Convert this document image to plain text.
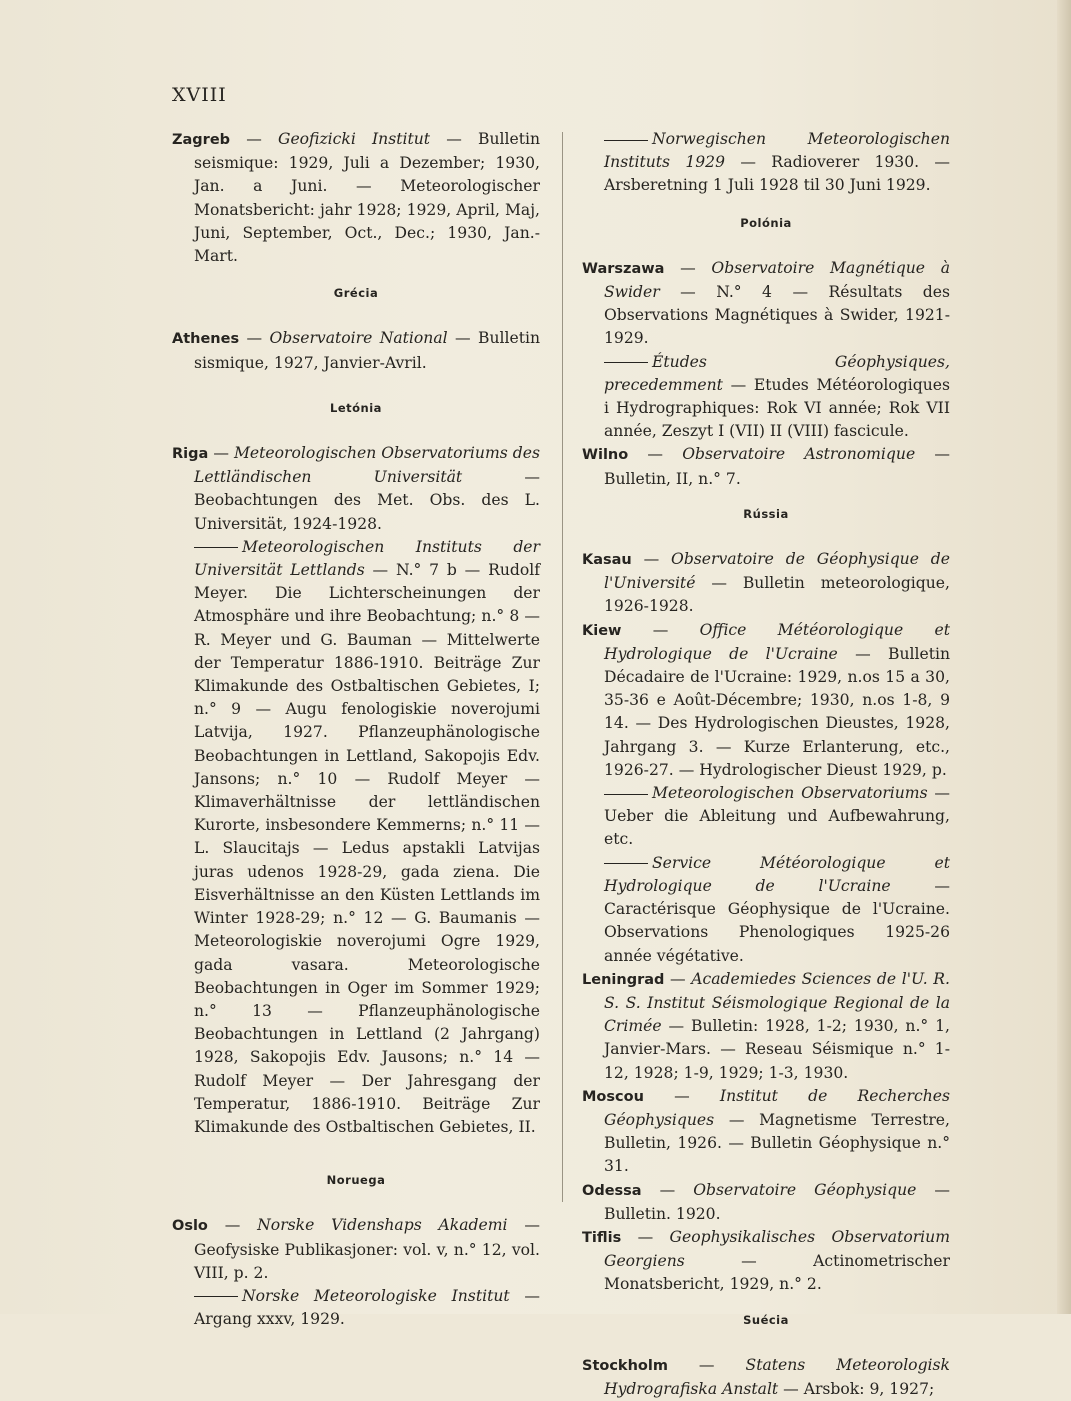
XVIII

Zagreb — Geofizicki Institut — Bulletin seismique: 1929, Juli a Dezember; 1930, Jan. a Juni. — Meteorologischer Monatsbericht: jahr 1928; 1929, April, Maj, Juni, September, Oct., Dec.; 1930, Jan.-Mart.

Grécia

Athenes — Observatoire National — Bulletin sismique, 1927, Janvier-Avril.

Letónia

Riga — Meteorologischen Observatoriums des Lettländischen Universität — Beobachtungen des Met. Obs. des L. Universität, 1924-1928.

Meteorologischen Instituts der Universität Lettlands — N.° 7 b — Rudolf Meyer. Die Lichterscheinungen der Atmosphäre und ihre Beobachtung; n.° 8 — R. Meyer und G. Bauman — Mittelwerte der Temperatur 1886-1910. Beiträge Zur Klimakunde des Ostbaltischen Gebietes, I; n.° 9 — Augu fenologiskie noverojumi Latvija, 1927. Pflanzeuphänologische Beobachtungen in Lettland, Sakopojis Edv. Jansons; n.° 10 — Rudolf Meyer — Klimaverhältnisse der lettländischen Kurorte, insbesondere Kemmerns; n.° 11 — L. Slaucitajs — Ledus apstakli Latvijas juras udenos 1928-29, gada ziena. Die Eisverhältnisse an den Küsten Lettlands im Winter 1928-29; n.° 12 — G. Baumanis — Meteorologiskie noverojumi Ogre 1929, gada vasara. Meteorologische Beobachtungen in Oger im Sommer 1929; n.° 13 — Pflanzeuphänologische Beobachtungen in Lettland (2 Jahrgang) 1928, Sakopojis Edv. Jausons; n.° 14 — Rudolf Meyer — Der Jahresgang der Temperatur, 1886-1910. Beiträge Zur Klimakunde des Ostbaltischen Gebietes, II.

Noruega

Oslo — Norske Videnshaps Akademi — Geofysiske Publikasjoner: vol. v, n.° 12, vol. VIII, p. 2.

Norske Meteorologiske Institut — Argang xxxv, 1929.

Norwegischen Meteorologischen Instituts 1929 — Radioverer 1930. — Arsberetning 1 Juli 1928 til 30 Juni 1929.

Polónia

Warszawa — Observatoire Magnétique à Swider — N.° 4 — Résultats des Observations Magnétiques à Swider, 1921-1929.

Études Géophysiques, precedemment — Etudes Météorologiques i Hydrographiques: Rok VI année; Rok VII année, Zeszyt I (VII) II (VIII) fascicule.

Wilno — Observatoire Astronomique — Bulletin, II, n.° 7.

Rússia

Kasau — Observatoire de Géophysique de l'Université — Bulletin meteorologique, 1926-1928.

Kiew — Office Météorologique et Hydrologique de l'Ucraine — Bulletin Décadaire de l'Ucraine: 1929, n.os 15 a 30, 35-36 e Août-Décembre; 1930, n.os 1-8, 9 14. — Des Hydrologischen Dieustes, 1928, Jahrgang 3. — Kurze Erlanterung, etc., 1926-27. — Hydrologischer Dieust 1929, p.

Meteorologischen Observatoriums — Ueber die Ableitung und Aufbewahrung, etc.

Service Météorologique et Hydrologique de l'Ucraine — Caractérisque Géophysique de l'Ucraine. Observations Phenologiques 1925-26 année végétative.

Leningrad — Academiedes Sciences de l'U. R. S. S. Institut Séismologique Regional de la Crimée — Bulletin: 1928, 1-2; 1930, n.° 1, Janvier-Mars. — Reseau Séismique n.° 1-12, 1928; 1-9, 1929; 1-3, 1930.

Moscou — Institut de Recherches Géophysiques — Magnetisme Terrestre, Bulletin, 1926. — Bulletin Géophysique n.° 31.

Odessa — Observatoire Géophysique — Bulletin. 1920.

Tiflis — Geophysikalisches Observatorium Georgiens — Actinometrischer Monatsbericht, 1929, n.° 2.

Suécia

Stockholm — Statens Meteorologisk Hydrografiska Anstalt — Arsbok: 9, 1927;
